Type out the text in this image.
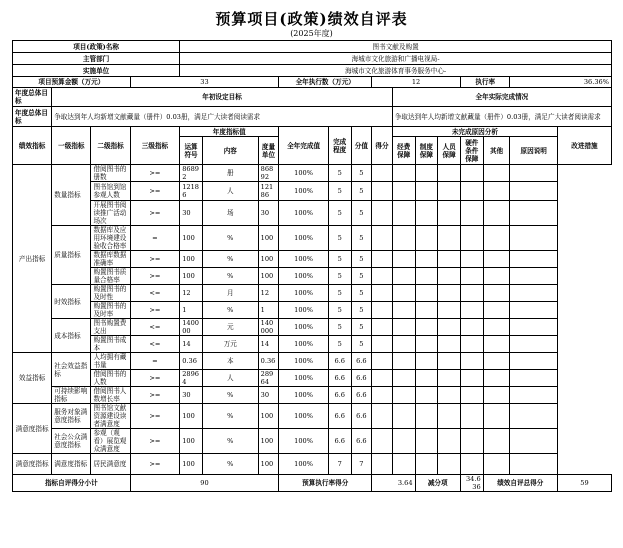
预算项目(政策)绩效自评表
(2025年度)
项目(政策)名称				图书文献及购置													
主管部门				海城市文化旅游和广播电视局-													
实施单位				海城市文化旅游体育事务服务中心-													
项目预算金额（万元）			33				全年执行数（万元）			12				执行率		36.36%	
年度总体目标	年初设定目标										全年实际完成情况						
年度总体目标	争取达到年人均新增文献藏量（册件）0.03册，满足广大读者阅读需求										争取达到年人均新增文献藏量（册件）0.03册，满足广大读者阅读需求						
绩效指标	一级指标	二级指标	三级指标	年度指标值			全年完成值	完成程度	分值	得分	未完成原因分析						改进措施
				运算符号	内容	度量单位					经费保障	制度保障	人员保障	硬件条件保障	其他	原因说明	
产出指标	数量指标	借阅图书的册数	>=	86892	册	86892	100%	5	5								
		图书馆到馆参观人数	>=	12186	人	12186	100%	5	5								
		开展图书阅读推广活动场次	>=	30	场	30	100%	5	5								
	质量指标	数据库及应用环境建设验收合格率	=	100	%	100	100%	5	5								
		数据库数据准确率	>=	100	%	100	100%	5	5								
		购置图书质量合格率	>=	100	%	100	100%	5	5								
	时效指标	购置图书的及时性	<=	12	月	12	100%	5	5								
		购置图书的及时率	>=	1	%	1	100%	5	5								
	成本指标	图书购置费支出	<=	140000	元	140000	100%	5	5								
		购置图书成本	<=	14	万元	14	100%	5	5								
效益指标	社会效益指标	人均拥有藏书量	=	0.36	本	0.36	100%	6.6	6.6								
		借阅图书的人数	>=	28964	人	28964	100%	6.6	6.6								
	可持续影响指标	借阅图书人数增长率	>=	30	%	30	100%	6.6	6.6								
满意度指标	服务对象满意度指标	图书馆文献资源建设读者满意度	>=	100	%	100	100%	6.6	6.6								
	社会公众满意度指标	参观（观看）展览观众满意度	>=	100	%	100	100%	6.6	6.6								
满意度指标	满意度指标	居民满意度	>=	100	%	100	100%	7	7								
指标自评得分小计			90				预算执行率得分			3.64		减分项		34.636	绩效自评总得分		59
